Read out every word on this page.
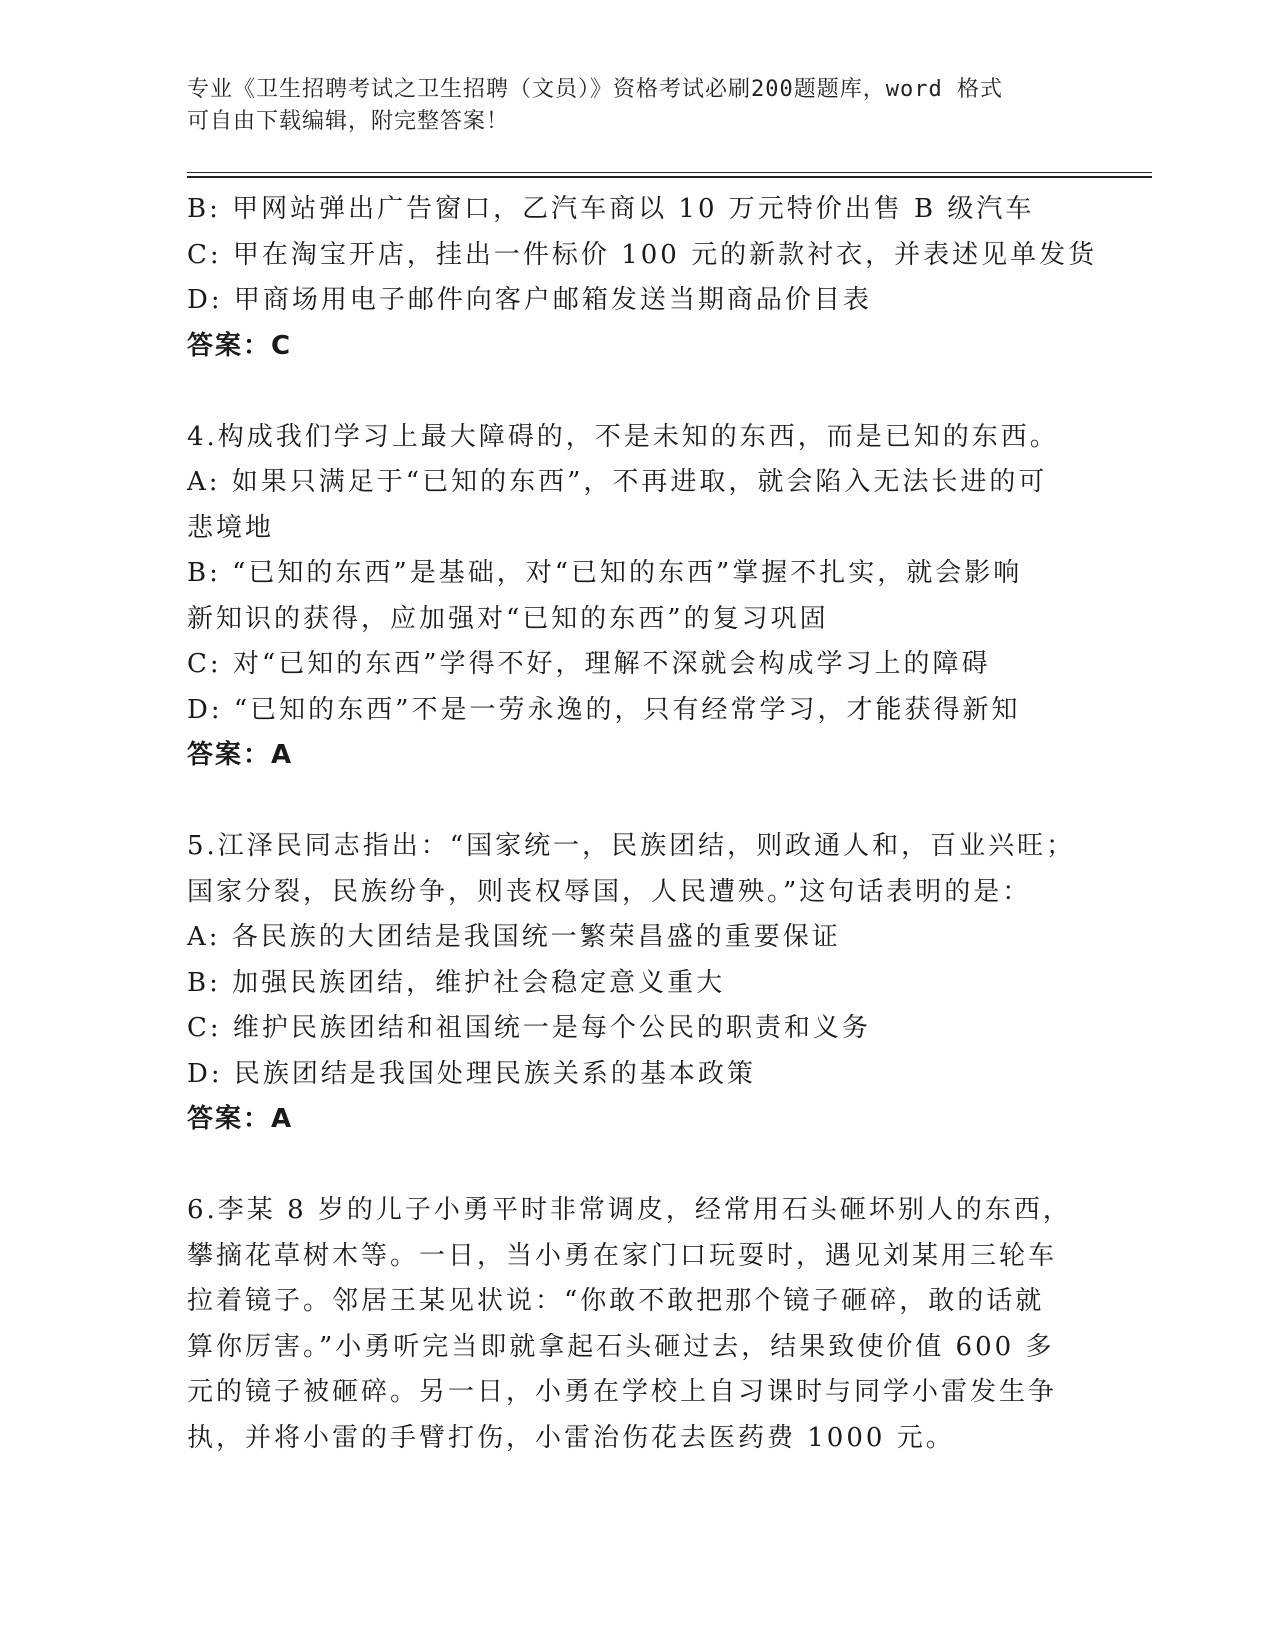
专业《卫生招聘考试之卫生招聘（文员）》资格考试必刷200题题库，word 格式
可自由下载编辑，附完整答案！
B: 甲网站弹出广告窗口，乙汽车商以 10 万元特价出售 B 级汽车
C: 甲在淘宝开店，挂出一件标价 100 元的新款衬衣，并表述见单发货
D: 甲商场用电子邮件向客户邮箱发送当期商品价目表
答案：C
4.构成我们学习上最大障碍的，不是未知的东西，而是已知的东西。
A: 如果只满足于“已知的东西”，不再进取，就会陷入无法长进的可
悲境地
B: “已知的东西”是基础，对“已知的东西”掌握不扎实，就会影响
新知识的获得，应加强对“已知的东西”的复习巩固
C: 对“已知的东西”学得不好，理解不深就会构成学习上的障碍
D: “已知的东西”不是一劳永逸的，只有经常学习，才能获得新知
答案：A
5.江泽民同志指出：“国家统一，民族团结，则政通人和，百业兴旺；
国家分裂，民族纷争，则丧权辱国，人民遭殃。”这句话表明的是：
A: 各民族的大团结是我国统一繁荣昌盛的重要保证
B: 加强民族团结，维护社会稳定意义重大
C: 维护民族团结和祖国统一是每个公民的职责和义务
D: 民族团结是我国处理民族关系的基本政策
答案：A
6.李某 8 岁的儿子小勇平时非常调皮，经常用石头砸坏别人的东西，
攀摘花草树木等。一日，当小勇在家门口玩耍时，遇见刘某用三轮车
拉着镜子。邻居王某见状说：“你敢不敢把那个镜子砸碎，敢的话就
算你厉害。”小勇听完当即就拿起石头砸过去，结果致使价值 600 多
元的镜子被砸碎。另一日，小勇在学校上自习课时与同学小雷发生争
执，并将小雷的手臂打伤，小雷治伤花去医药费 1000 元。
